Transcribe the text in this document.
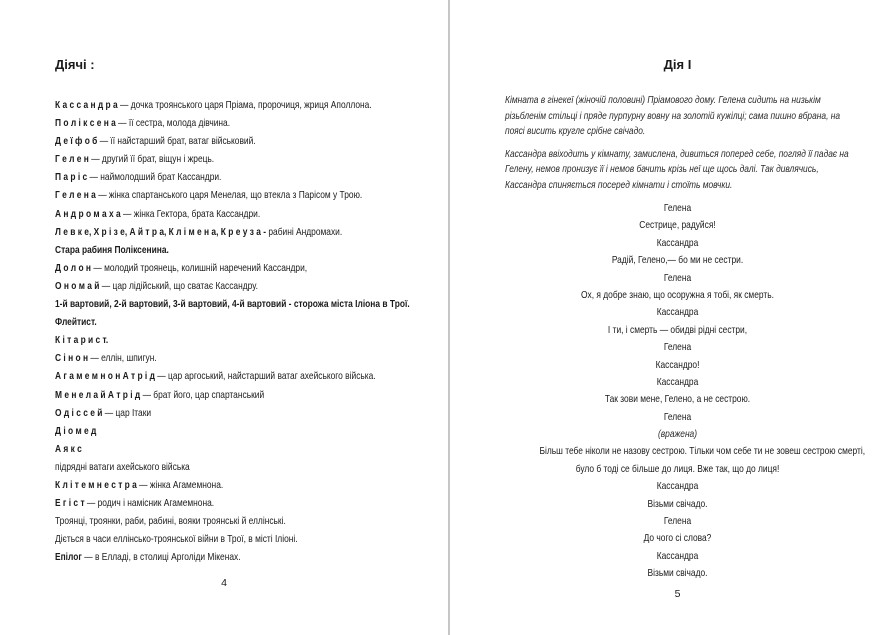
Діячі :
К а с с а н д р а — дочка троянського царя Пріама, пророчиця, жриця Аполлона.
П о л і к с е н а — її сестра, молода дівчина.
Д е ї ф о б — її найстарший брат, ватаг військовий.
Г е л е н — другий її брат, віщун і жрець.
П а р і с — наймолодший брат Кассандри.
Г е л е н а — жінка спартанського царя Менелая, що втекла з Парісом у Трою.
А н д р о м а х а — жінка Гектора, брата Кассандри.
Л е в к е, Х р і з е, А й т р а, К л і м е н а, К р е у з а - рабині Андромахи.
Стара рабиня Поліксенина.
Д о л о н — молодий троянець, колишній наречений Кассандри,
О н о м а й — цар лідійський, що сватає Кассандру.
1-й вартовий, 2-й вартовий, 3-й вартовий, 4-й вартовий - сторожа міста Іліона в Трої.
Флейтист.
К і т а р и с т.
С і н о н — еллін, шпигун.
А г а м е м н о н А т р і д — цар аргоський, найстарший ватаг ахейського війська.
М е н е л а й А т р і д — брат його, цар спартанський
О д і с с е й — цар Ітаки
Д і о м е д
А я к с
підрядні ватаги ахейського війська
К л і т е м н е с т р а — жінка Агамемнона.
Е г і с т — родич і намісник Агамемнона.
Троянці, троянки, раби, рабині, вояки троянські й еллінські.
Діється в часи еллінсько-троянської війни в Трої, в місті Іліоні.
Епілог — в Елладі, в столиці Арголіди Мікенах.
4
Дія I
Кімната в гінекеї (жіночій половині) Пріамового дому. Гелена сидить на низькім різьбленім стільці і пряде пурпурну вовну на золотій кужілці; сама пишно вбрана, на поясі висить кругле срібне свічадо.
Кассандра ввіходить у кімнату, замислена, дивиться поперед себе, погляд її падає на Гелену, немов пронизує її і немов бачить крізь неї ще щось далі. Так дивлячись, Кассандра спиняється посеред кімнати і стоїть мовчки.
Гелена
Сестрице, радуйся!
Кассандра
Радій, Гелено,— бо ми не сестри.
Гелена
Ох, я добре знаю, що осоружна я тобі, як смерть.
Кассандра
І ти, і смерть — обидві рідні сестри,
Гелена
Кассандро!
Кассандра
Так зови мене, Гелено, а не сестрою.
Гелена
(вражена)
Більш тебе ніколи не назову сестрою. Тільки чом себе ти не зовеш сестрою смерті,
було б тоді се більше до лиця. Вже так, що до лиця!
Кассандра
Візьми свічадо.
Гелена
До чого сі слова?
Кассандра
Візьми свічадо.
5
